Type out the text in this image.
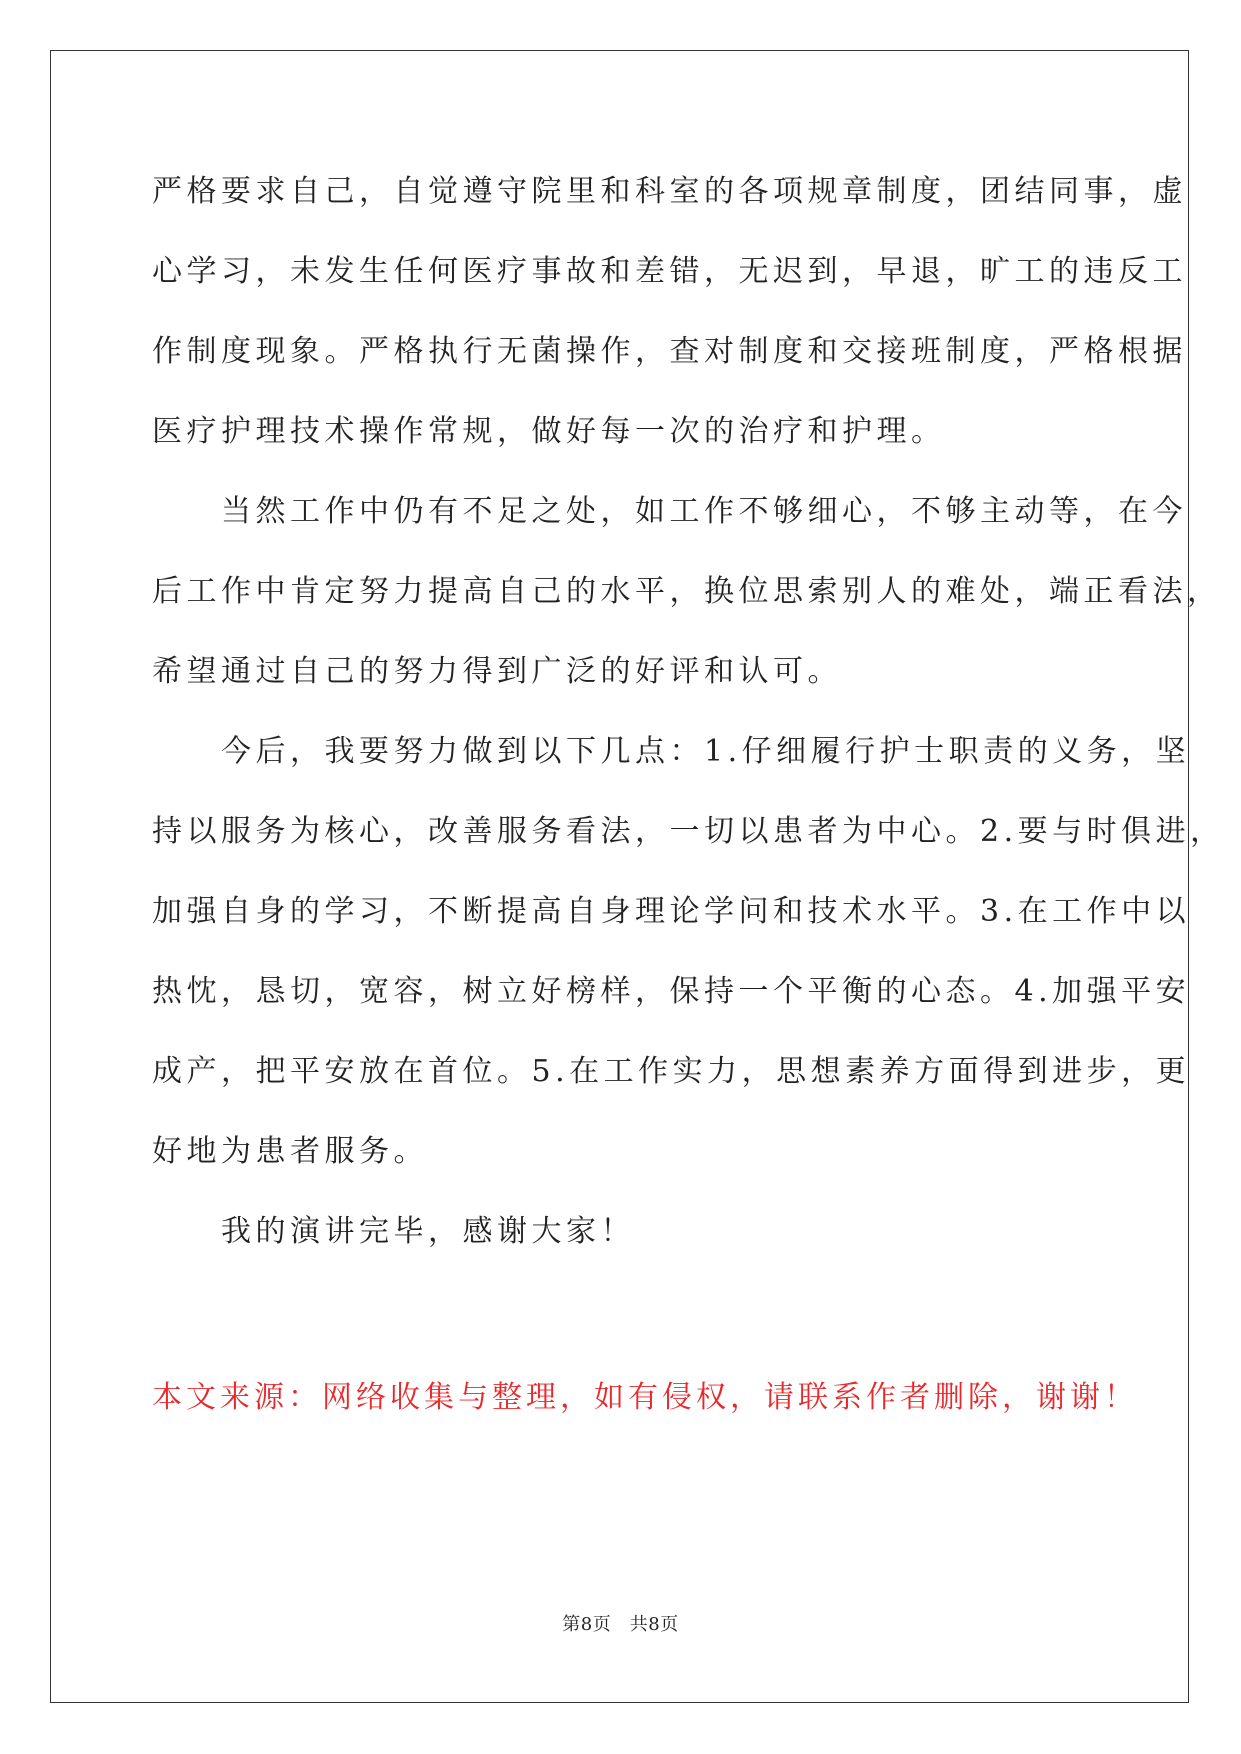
严格要求自己，自觉遵守院里和科室的各项规章制度，团结同事，虚
心学习，未发生任何医疗事故和差错，无迟到，早退，旷工的违反工
作制度现象。严格执行无菌操作，查对制度和交接班制度，严格根据
医疗护理技术操作常规，做好每一次的治疗和护理。
　　当然工作中仍有不足之处，如工作不够细心，不够主动等，在今
后工作中肯定努力提高自己的水平，换位思索别人的难处，端正看法，
希望通过自己的努力得到广泛的好评和认可。
　　今后，我要努力做到以下几点：1.仔细履行护士职责的义务，坚
持以服务为核心，改善服务看法，一切以患者为中心。2.要与时俱进，
加强自身的学习，不断提高自身理论学问和技术水平。3.在工作中以
热忱，恳切，宽容，树立好榜样，保持一个平衡的心态。4.加强平安
成产，把平安放在首位。5.在工作实力，思想素养方面得到进步，更
好地为患者服务。
　　我的演讲完毕，感谢大家！
本文来源：网络收集与整理，如有侵权，请联系作者删除，谢谢！
第8页　共8页
